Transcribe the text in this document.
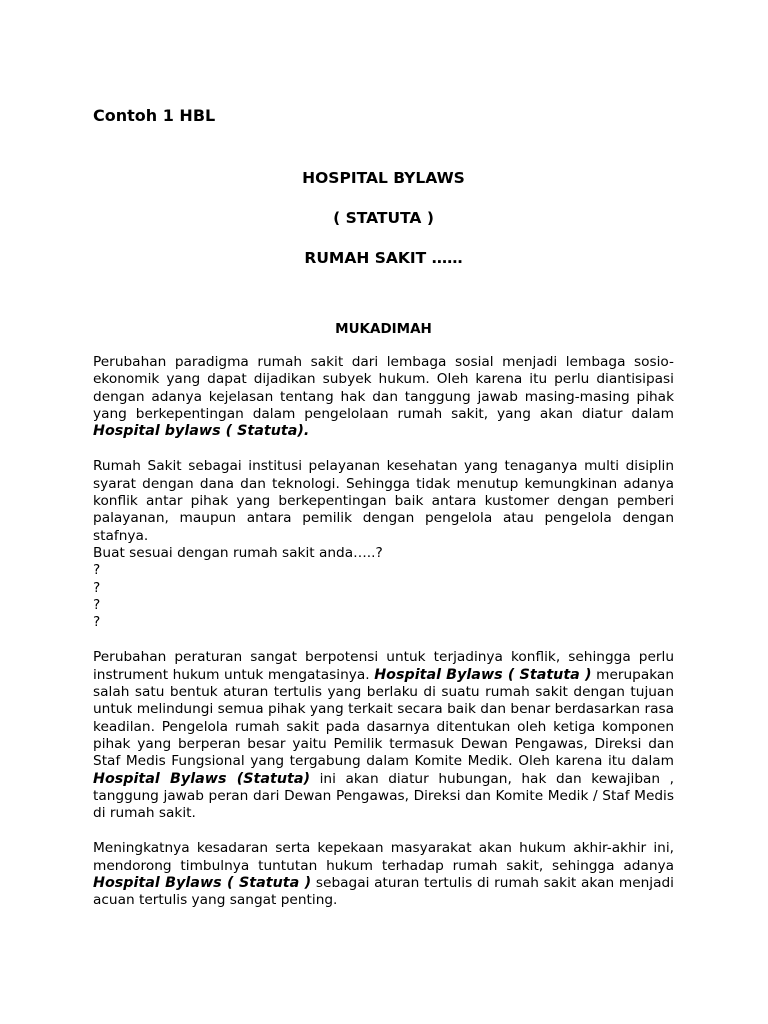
Contoh 1 HBL

HOSPITAL BYLAWS

( STATUTA )

RUMAH SAKIT ……

MUKADIMAH

Perubahan paradigma rumah sakit dari lembaga sosial menjadi lembaga sosio-ekonomik yang dapat dijadikan subyek hukum. Oleh karena itu perlu diantisipasi dengan adanya kejelasan tentang hak dan tanggung jawab masing-masing pihak yang berkepentingan dalam pengelolaan rumah sakit, yang akan diatur dalam Hospital bylaws ( Statuta).

Rumah Sakit sebagai institusi pelayanan kesehatan yang tenaganya multi disiplin syarat dengan dana dan teknologi. Sehingga tidak menutup kemungkinan adanya konflik antar pihak yang berkepentingan baik antara kustomer dengan pemberi palayanan, maupun antara pemilik dengan pengelola atau pengelola dengan stafnya.

Buat sesuai dengan rumah sakit anda…..?
?
?
?
?

Perubahan peraturan sangat berpotensi untuk terjadinya konflik, sehingga perlu instrument hukum untuk mengatasinya. Hospital Bylaws ( Statuta ) merupakan salah satu bentuk aturan tertulis yang berlaku di suatu rumah sakit dengan tujuan untuk melindungi semua pihak yang terkait secara baik dan benar berdasarkan rasa keadilan. Pengelola rumah sakit pada dasarnya ditentukan oleh ketiga komponen pihak yang berperan besar yaitu Pemilik termasuk Dewan Pengawas, Direksi dan Staf Medis Fungsional yang tergabung dalam Komite Medik. Oleh karena itu dalam Hospital Bylaws (Statuta) ini akan diatur hubungan, hak dan kewajiban , tanggung jawab peran dari Dewan Pengawas, Direksi dan Komite Medik / Staf Medis di rumah sakit.

Meningkatnya kesadaran serta kepekaan masyarakat akan hukum akhir-akhir ini, mendorong timbulnya tuntutan hukum terhadap rumah sakit, sehingga adanya Hospital Bylaws ( Statuta ) sebagai aturan tertulis di rumah sakit akan menjadi acuan tertulis yang sangat penting.
